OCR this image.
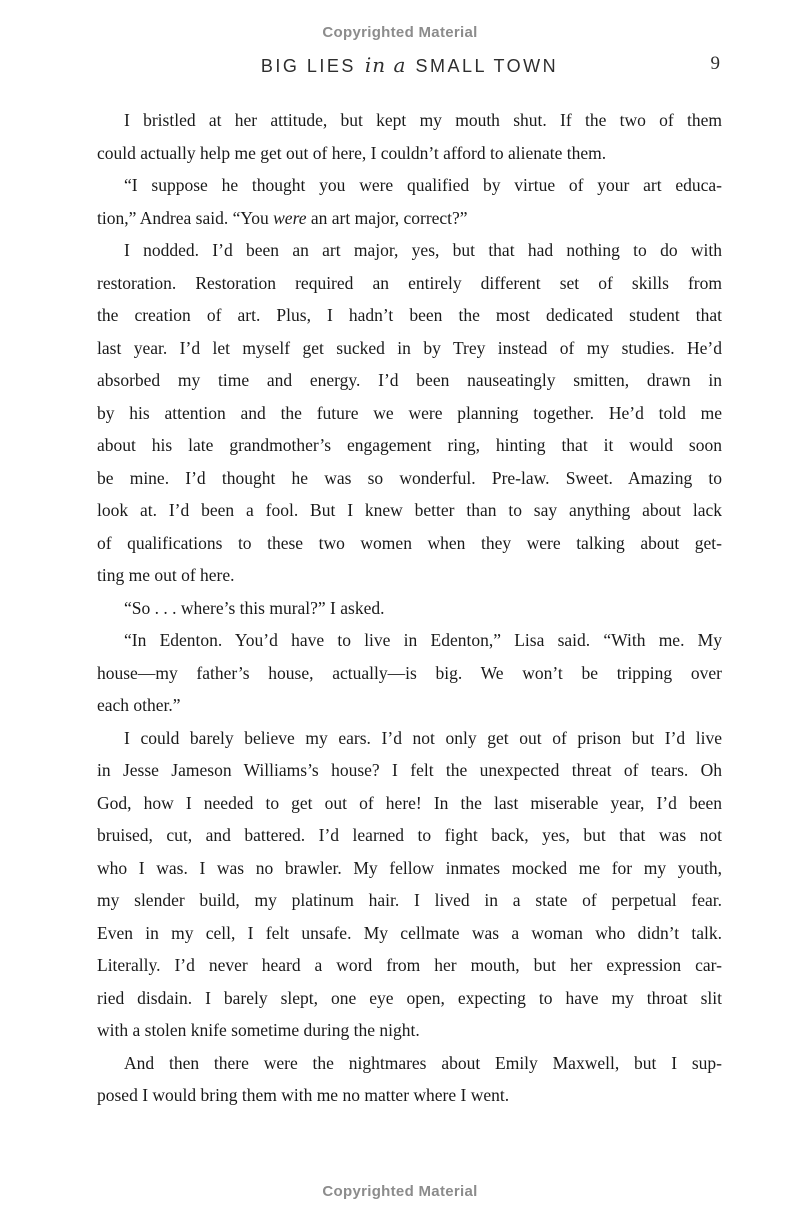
Copyrighted Material
BIG LIES in a SMALL TOWN	9
I bristled at her attitude, but kept my mouth shut. If the two of them
could actually help me get out of here, I couldn’t afford to alienate them.
“I suppose he thought you were qualified by virtue of your art educa-
tion,” Andrea said. “You were an art major, correct?”
I nodded. I’d been an art major, yes, but that had nothing to do with
restoration. Restoration required an entirely different set of skills from
the creation of art. Plus, I hadn’t been the most dedicated student that
last year. I’d let myself get sucked in by Trey instead of my studies. He’d
absorbed my time and energy. I’d been nauseatingly smitten, drawn in
by his attention and the future we were planning together. He’d told me
about his late grandmother’s engagement ring, hinting that it would soon
be mine. I’d thought he was so wonderful. Pre-law. Sweet. Amazing to
look at. I’d been a fool. But I knew better than to say anything about lack
of qualifications to these two women when they were talking about get-
ting me out of here.
“So . . . where’s this mural?” I asked.
“In Edenton. You’d have to live in Edenton,” Lisa said. “With me. My
house—my father’s house, actually—is big. We won’t be tripping over
each other.”
I could barely believe my ears. I’d not only get out of prison but I’d live
in Jesse Jameson Williams’s house? I felt the unexpected threat of tears. Oh
God, how I needed to get out of here! In the last miserable year, I’d been
bruised, cut, and battered. I’d learned to fight back, yes, but that was not
who I was. I was no brawler. My fellow inmates mocked me for my youth,
my slender build, my platinum hair. I lived in a state of perpetual fear.
Even in my cell, I felt unsafe. My cellmate was a woman who didn’t talk.
Literally. I’d never heard a word from her mouth, but her expression car-
ried disdain. I barely slept, one eye open, expecting to have my throat slit
with a stolen knife sometime during the night.
And then there were the nightmares about Emily Maxwell, but I sup-
posed I would bring them with me no matter where I went.
Copyrighted Material
